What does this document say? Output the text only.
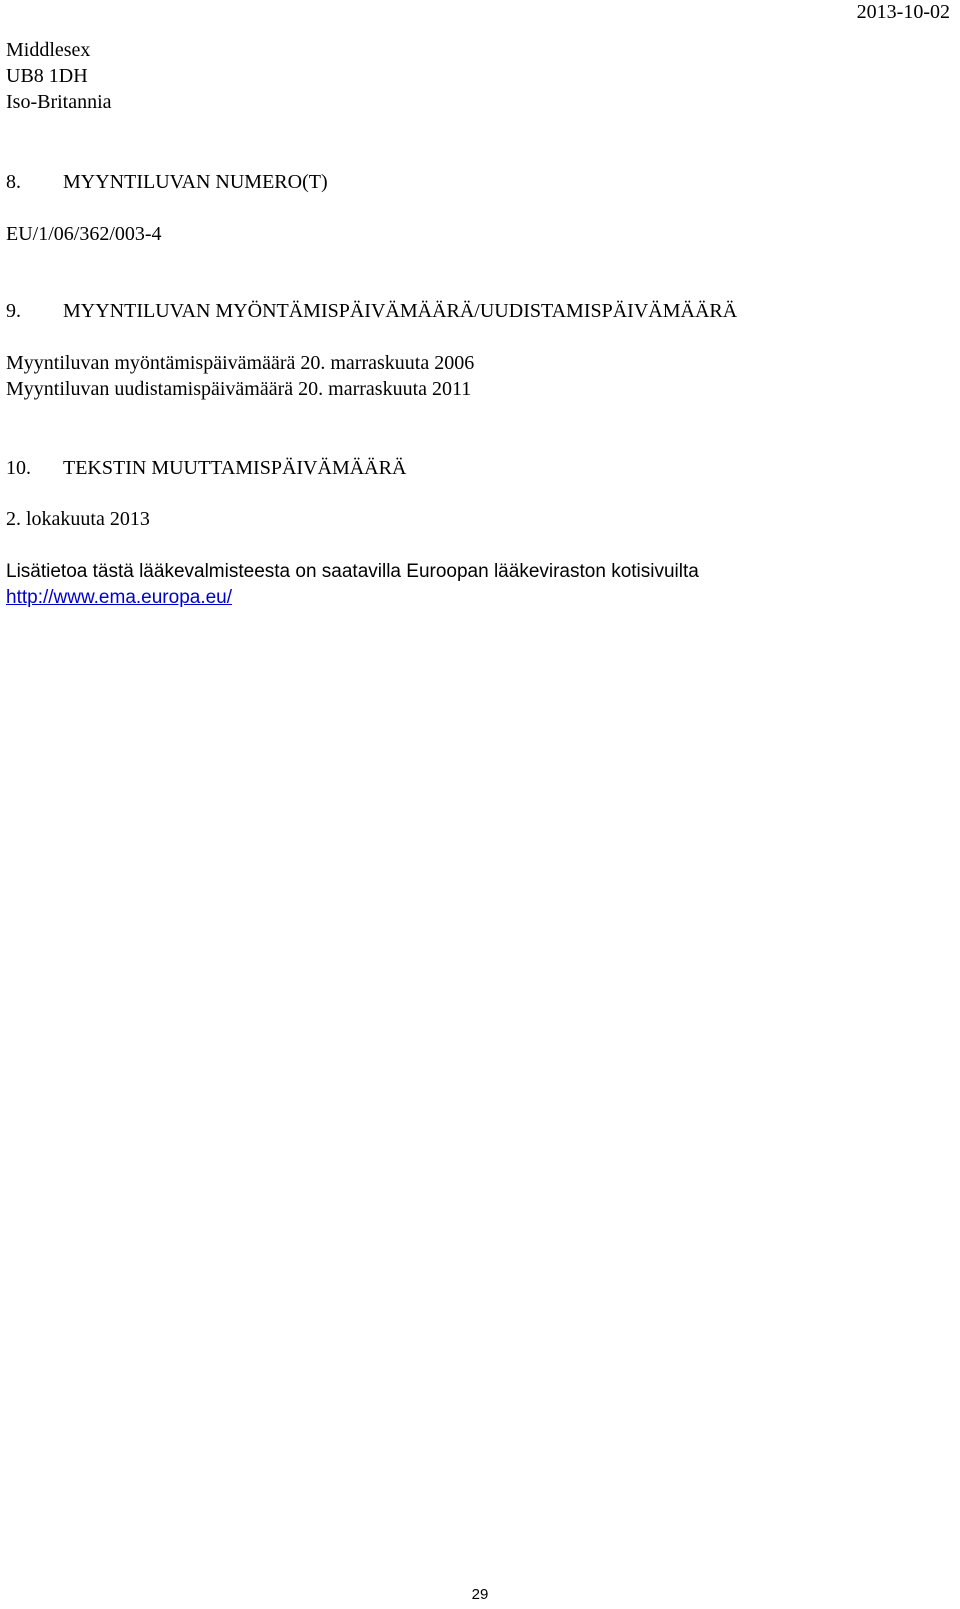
2013-10-02
Middlesex
UB8 1DH
Iso-Britannia
8. MYYNTILUVAN NUMERO(T)
EU/1/06/362/003-4
9. MYYNTILUVAN MYÖNTÄMISPÄIVÄMÄÄRÄ/UUDISTAMISPÄIVÄMÄÄRÄ
Myyntiluvan myöntämispäivämäärä 20. marraskuuta 2006
Myyntiluvan uudistamispäivämäärä 20. marraskuuta 2011
10. TEKSTIN MUUTTAMISPÄIVÄMÄÄRÄ
2. lokakuuta 2013
Lisätietoa tästä lääkevalmisteesta on saatavilla Euroopan lääkeviraston kotisivuilta
http://www.ema.europa.eu/
29
